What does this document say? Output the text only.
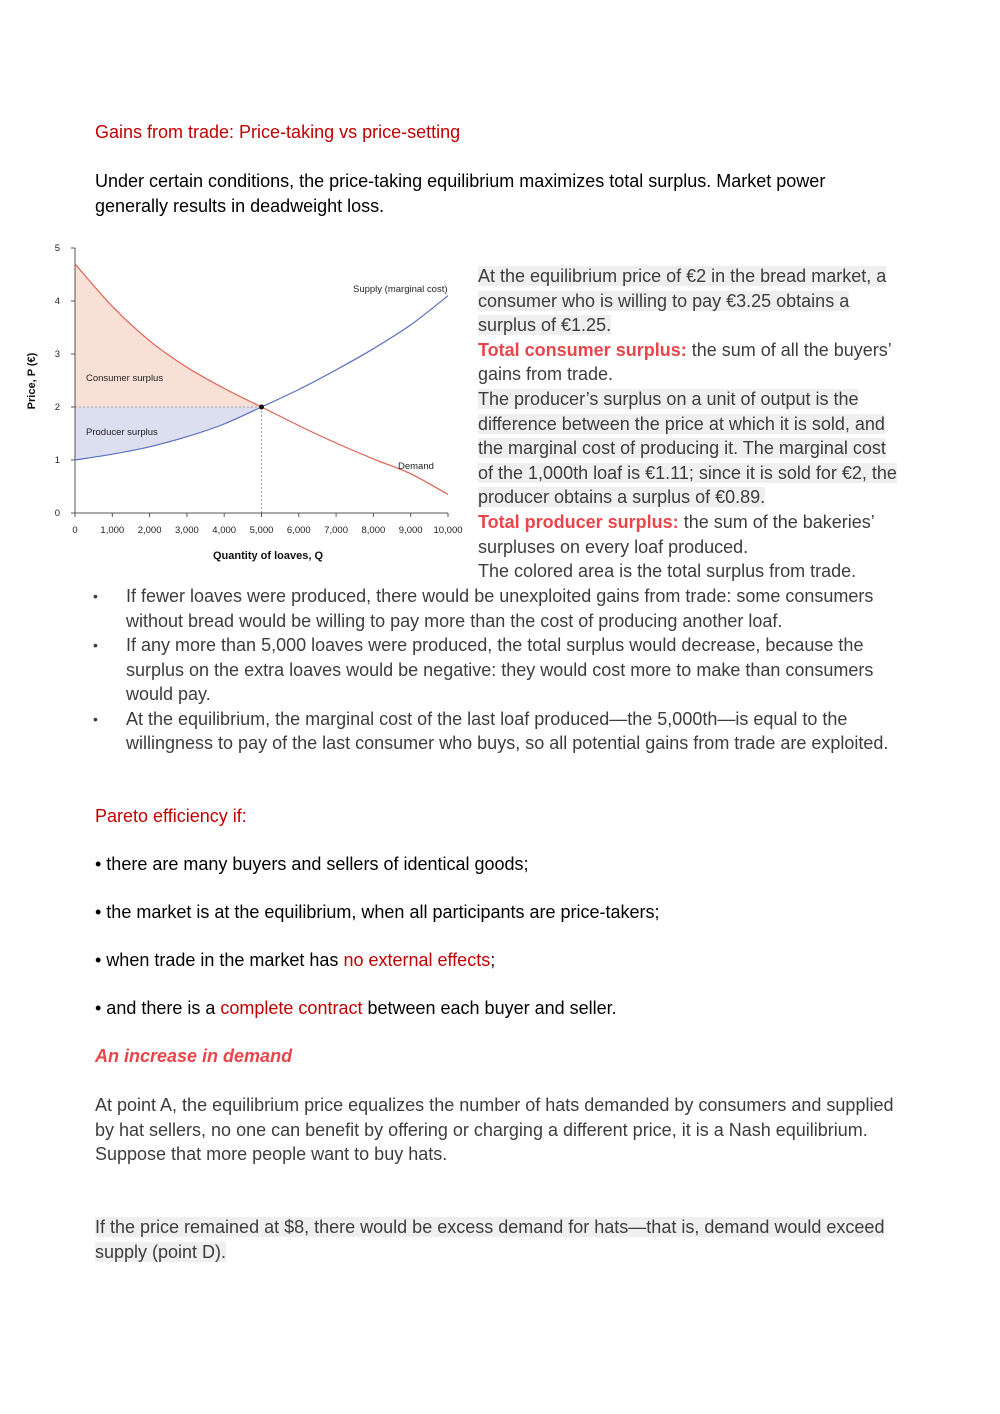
Gains from trade: Price-taking vs price-setting
Under certain conditions, the price-taking equilibrium maximizes total surplus. Market power generally results in deadweight loss.
0 1,000 2,000 3,000 4,000 5,000 6,000 7,000 8,000 9,000 10,000
0
1
2
3
4
5
Supply (marginal cost)
Demand
Consumer surplus
Producer surplus
Quantity of loaves, Q
Price, P (€)
At the equilibrium price of €2 in the bread market, a consumer who is willing to pay €3.25 obtains a surplus of €1.25.
Total consumer surplus: the sum of all the buyers’ gains from trade.
The producer’s surplus on a unit of output is the difference between the price at which it is sold, and the marginal cost of producing it. The marginal cost of the 1,000th loaf is €1.11; since it is sold for €2, the producer obtains a surplus of €0.89.
Total producer surplus: the sum of the bakeries’ surpluses on every loaf produced.
The colored area is the total surplus from trade.
• If fewer loaves were produced, there would be unexploited gains from trade: some consumers without bread would be willing to pay more than the cost of producing another loaf.
• If any more than 5,000 loaves were produced, the total surplus would decrease, because the surplus on the extra loaves would be negative: they would cost more to make than consumers would pay.
• At the equilibrium, the marginal cost of the last loaf produced—the 5,000th—is equal to the willingness to pay of the last consumer who buys, so all potential gains from trade are exploited.
Pareto efficiency if:
• there are many buyers and sellers of identical goods;
• the market is at the equilibrium, when all participants are price-takers;
• when trade in the market has no external effects;
• and there is a complete contract between each buyer and seller.
An increase in demand
At point A, the equilibrium price equalizes the number of hats demanded by consumers and supplied by hat sellers, no one can benefit by offering or charging a different price, it is a Nash equilibrium.
Suppose that more people want to buy hats.
If the price remained at $8, there would be excess demand for hats—that is, demand would exceed supply (point D).
